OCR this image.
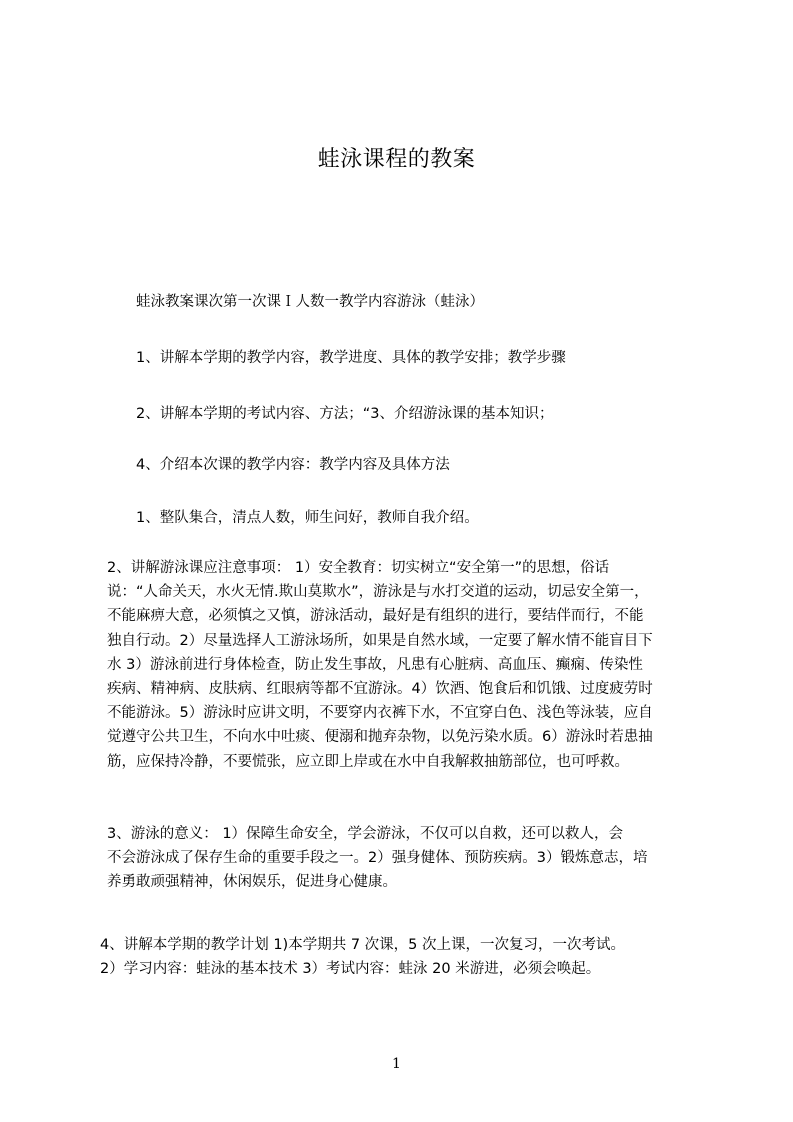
蛙泳课程的教案
蛙泳教案课次第一次课Ｉ人数一教学内容游泳（蛙泳）
1、讲解本学期的教学内容，教学进度、具体的教学安排；教学步骤
2、讲解本学期的考试内容、方法；“3、介绍游泳课的基本知识；
4、介绍本次课的教学内容：教学内容及具体方法
1、整队集合，清点人数，师生问好，教师自我介绍。
2、讲解游泳课应注意事项： 1）安全教育：切实树立“安全第一”的思想，俗话
说：“人命关天，水火无情.欺山莫欺水”，游泳是与水打交道的运动，切忌安全第一，
不能麻痹大意，必须慎之又慎，游泳活动，最好是有组织的进行，要结伴而行，不能
独自行动。2）尽量选择人工游泳场所，如果是自然水域，一定要了解水情不能盲目下
水 3）游泳前进行身体检查，防止发生事故，凡患有心脏病、高血压、癫痫、传染性
疾病、精神病、皮肤病、红眼病等都不宜游泳。4）饮酒、饱食后和饥饿、过度疲劳时
不能游泳。5）游泳时应讲文明，不要穿内衣裤下水，不宜穿白色、浅色等泳装，应自
觉遵守公共卫生，不向水中吐痰、便溺和抛弃杂物，以免污染水质。6）游泳时若患抽
筋，应保持冷静，不要慌张，应立即上岸或在水中自我解救抽筋部位，也可呼救。
3、游泳的意义： 1）保障生命安全，学会游泳，不仅可以自救，还可以救人，会
不会游泳成了保存生命的重要手段之一。2）强身健体、预防疾病。3）锻炼意志，培
养勇敢顽强精神，休闲娱乐，促进身心健康。
4、讲解本学期的教学计划 1)本学期共 7 次课，5 次上课，一次复习，一次考试。
2）学习内容：蛙泳的基本技术 3）考试内容：蛙泳 20 米游进，必须会唤起。
1
